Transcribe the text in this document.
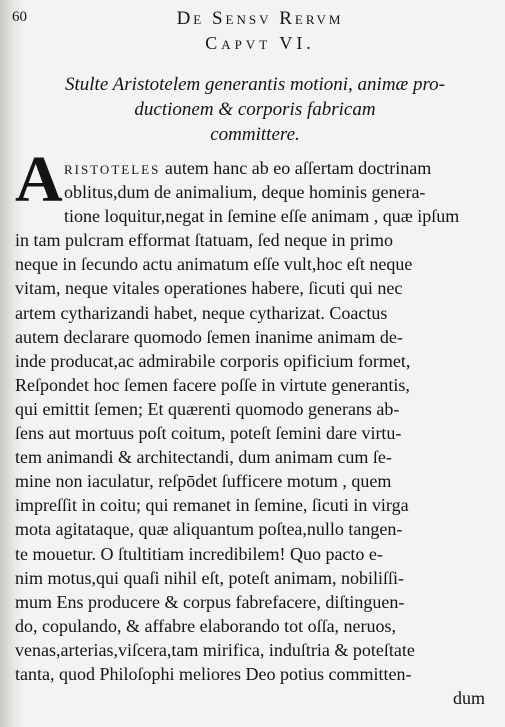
60	De Sensv Rervm
Capvt VI.
Stulte Aristotelem generantis motioni, animæ pro-
ductionem & corporis fabricam
committere.
A ristoteles autem hanc ab eo aſſertam doctrinam
oblitus,dum de animalium, deque hominis genera-
tione loquitur,negat in ſemine eſſe animam , quæ ipſum
in tam pulcram efformat ſtatuam, ſed neque in primo
neque in ſecundo actu animatum eſſe vult,hoc eſt neque
vitam, neque vitales operationes habere, ſicuti qui nec
artem cytharizandi habet, neque cytharizat. Coactus
autem declarare quomodo ſemen inanime animam de-
inde producat,ac admirabile corporis opificium formet,
Reſpondet hoc ſemen facere poſſe in virtute generantis,
qui emittit ſemen; Et quærenti quomodo generans ab-
ſens aut mortuus poſt coitum, poteſt ſemini dare virtu-
tem animandi & architectandi, dum animam cum ſe-
mine non iaculatur, reſpōdet ſufficere motum , quem
impreſſit in coitu; qui remanet in ſemine, ſicuti in virga
mota agitataque, quæ aliquantum poſtea,nullo tangen-
te mouetur. O ſtultitiam incredibilem! Quo pacto e-
nim motus,qui quaſi nihil eſt, poteſt animam, nobiliſſi-
mum Ens producere & corpus fabrefacere, diſtinguen-
do, copulando, & affabre elaborando tot oſſa, neruos,
venas,arterias,viſcera,tam mirifica, induſtria & poteſtate
tanta, quod Philoſophi meliores Deo potius committen-
dum
